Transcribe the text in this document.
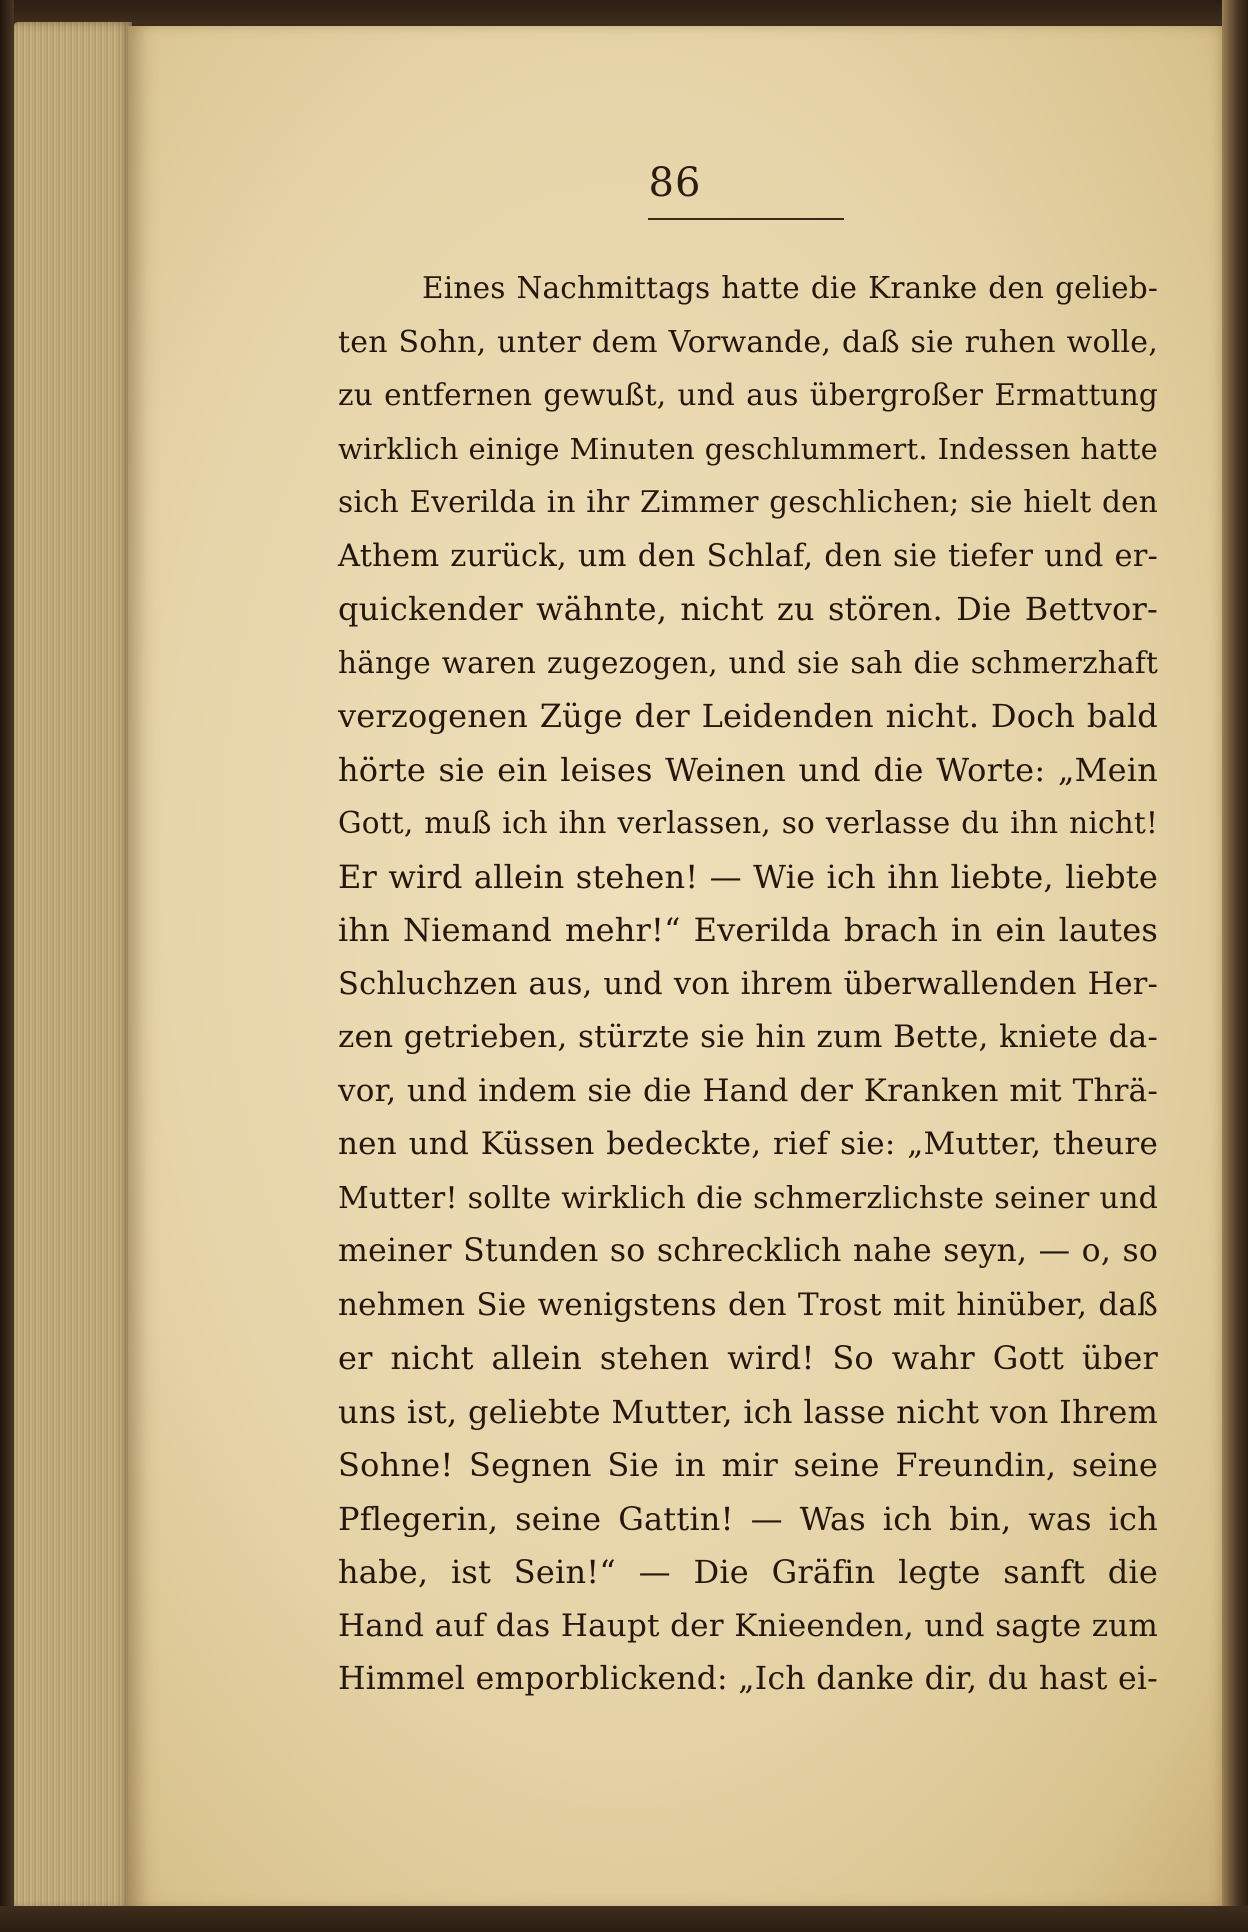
86
Eines Nachmittags hatte die Kranke den gelieb-
ten Sohn, unter dem Vorwande, daß sie ruhen wolle,
zu entfernen gewußt, und aus übergroßer Ermattung
wirklich einige Minuten geschlummert. Indessen hatte
sich Everilda in ihr Zimmer geschlichen; sie hielt den
Athem zurück, um den Schlaf, den sie tiefer und er-
quickender wähnte, nicht zu stören. Die Bettvor-
hänge waren zugezogen, und sie sah die schmerzhaft
verzogenen Züge der Leidenden nicht. Doch bald
hörte sie ein leises Weinen und die Worte: „Mein
Gott, muß ich ihn verlassen, so verlasse du ihn nicht!
Er wird allein stehen! — Wie ich ihn liebte, liebte
ihn Niemand mehr!“ Everilda brach in ein lautes
Schluchzen aus, und von ihrem überwallenden Her-
zen getrieben, stürzte sie hin zum Bette, kniete da-
vor, und indem sie die Hand der Kranken mit Thrä-
nen und Küssen bedeckte, rief sie: „Mutter, theure
Mutter! sollte wirklich die schmerzlichste seiner und
meiner Stunden so schrecklich nahe seyn, — o, so
nehmen Sie wenigstens den Trost mit hinüber, daß
er nicht allein stehen wird! So wahr Gott über
uns ist, geliebte Mutter, ich lasse nicht von Ihrem
Sohne! Segnen Sie in mir seine Freundin, seine
Pflegerin, seine Gattin! — Was ich bin, was ich
habe, ist Sein!“ — Die Gräfin legte sanft die
Hand auf das Haupt der Knieenden, und sagte zum
Himmel emporblickend: „Ich danke dir, du hast ei-
